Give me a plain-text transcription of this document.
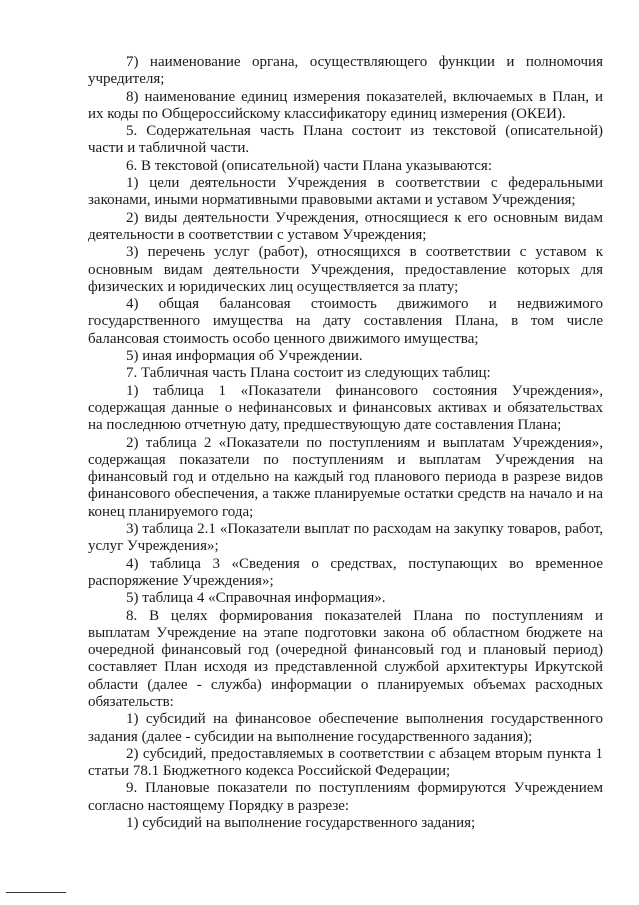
7) наименование органа, осуществляющего функции и полномочия учредителя;

8) наименование единиц измерения показателей, включаемых в План, и их коды по Общероссийскому классификатору единиц измерения (ОКЕИ).

5. Содержательная часть Плана состоит из текстовой (описательной) части и табличной части.

6. В текстовой (описательной) части Плана указываются:

1) цели деятельности Учреждения в соответствии с федеральными законами, иными нормативными правовыми актами и уставом Учреждения;

2) виды деятельности Учреждения, относящиеся к его основным видам деятельности в соответствии с уставом Учреждения;

3) перечень услуг (работ), относящихся в соответствии с уставом к основным видам деятельности Учреждения, предоставление которых для физических и юридических лиц осуществляется за плату;

4) общая балансовая стоимость движимого и недвижимого государственного имущества на дату составления Плана, в том числе балансовая стоимость особо ценного движимого имущества;

5) иная информация об Учреждении.

7. Табличная часть Плана состоит из следующих таблиц:

1) таблица 1 «Показатели финансового состояния Учреждения», содержащая данные о нефинансовых и финансовых активах и обязательствах на последнюю отчетную дату, предшествующую дате составления Плана;

2) таблица 2 «Показатели по поступлениям и выплатам Учреждения», содержащая показатели по поступлениям и выплатам Учреждения на финансовый год и отдельно на каждый год планового периода в разрезе видов финансового обеспечения, а также планируемые остатки средств на начало и на конец планируемого года;

3) таблица 2.1 «Показатели выплат по расходам на закупку товаров, работ, услуг Учреждения»;

4) таблица 3 «Сведения о средствах, поступающих во временное распоряжение Учреждения»;

5) таблица 4 «Справочная информация».

8. В целях формирования показателей Плана по поступлениям и выплатам Учреждение на этапе подготовки закона об областном бюджете на очередной финансовый год (очередной финансовый год и плановый период) составляет План исходя из представленной службой архитектуры Иркутской области (далее - служба) информации о планируемых объемах расходных обязательств:

1) субсидий на финансовое обеспечение выполнения государственного задания (далее - субсидии на выполнение государственного задания);

2) субсидий, предоставляемых в соответствии с абзацем вторым пункта 1 статьи 78.1 Бюджетного кодекса Российской Федерации;

9. Плановые показатели по поступлениям формируются Учреждением согласно настоящему Порядку в разрезе:

1) субсидий на выполнение государственного задания;
